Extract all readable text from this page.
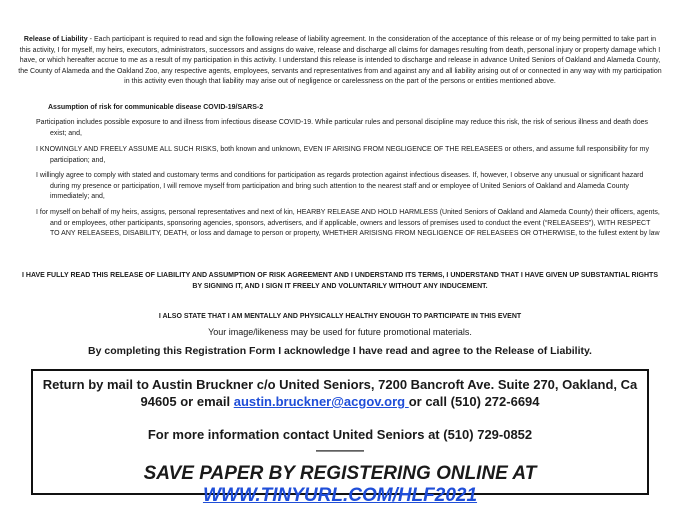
Release of Liability - Each participant is required to read and sign the following release of liability agreement. In the consideration of the acceptance of this release or of my being permitted to take part in this activity, I for myself, my heirs, executors, administrators, successors and assigns do waive, release and discharge all claims for damages resulting from death, personal injury or property damage which I have, or which hereafter accrue to me as a result of my participation in this activity. I understand this release is intended to discharge and release in advance United Seniors of Oakland and Alameda County, the County of Alameda and the Oakland Zoo, any respective agents, employees, servants and representatives from and against any and all liability arising out of or connected in any way with my participation in this activity even though that liability may arise out of negligence or carelessness on the part of the persons or entities mentioned above.
Assumption of risk for communicable disease COVID-19/SARS-2
Participation includes possible exposure to and illness from infectious disease COVID-19. While particular rules and personal discipline may reduce this risk, the risk of serious illness and death does exist; and,
I KNOWINGLY AND FREELY ASSUME ALL SUCH RISKS, both known and unknown, EVEN IF ARISING FROM NEGLIGENCE OF THE RELEASEES or others, and assume full responsibility for my participation; and,
I willingly agree to comply with stated and customary terms and conditions for participation as regards protection against infectious diseases. If, however, I observe any unusual or significant hazard during my presence or participation, I will remove myself from participation and bring such attention to the nearest staff and or employee of United Seniors of Oakland and Alameda County immediately; and,
I for myself on behalf of my heirs, assigns, personal representatives and next of kin, HEARBY RELEASE AND HOLD HARMLESS (United Seniors of Oakland and Alameda County) their officers, agents, and or employees, other participants, sponsoring agencies, sponsors, advertisers, and if applicable, owners and lessors of premises used to conduct the event (“RELEASEES”), WITH RESPECT TO ANY RELEASEES, DISABILITY, DEATH, or loss and damage to person or property, WHETHER ARISISNG FROM NEGLIGENCE OF RELEASEES OR OTHERWISE, to the fullest extent by law
I HAVE FULLY READ THIS RELEASE OF LIABILITY AND ASSUMPTION OF RISK AGREEMENT AND I UNDERSTAND ITS TERMS, I UNDERSTAND THAT I HAVE GIVEN UP SUBSTANTIAL RIGHTS BY SIGNING IT, AND I SIGN IT FREELY AND VOLUNTARILY WITHOUT ANY INDUCEMENT.
I ALSO STATE THAT I AM MENTALLY AND PHYSICALLY HEALTHY ENOUGH TO PARTICIPATE IN THIS EVENT
Your image/likeness may be used for future promotional materials.
By completing this Registration Form I acknowledge I have read and agree to the Release of Liability.
Return by mail to Austin Bruckner c/o United Seniors, 7200 Bancroft Ave. Suite 270, Oakland, Ca 94605 or email austin.bruckner@acgov.org or call (510) 272-6694
For more information contact United Seniors at (510) 729-0852
————
SAVE PAPER BY REGISTERING ONLINE AT WWW.TINYURL.COM/HLF2021
